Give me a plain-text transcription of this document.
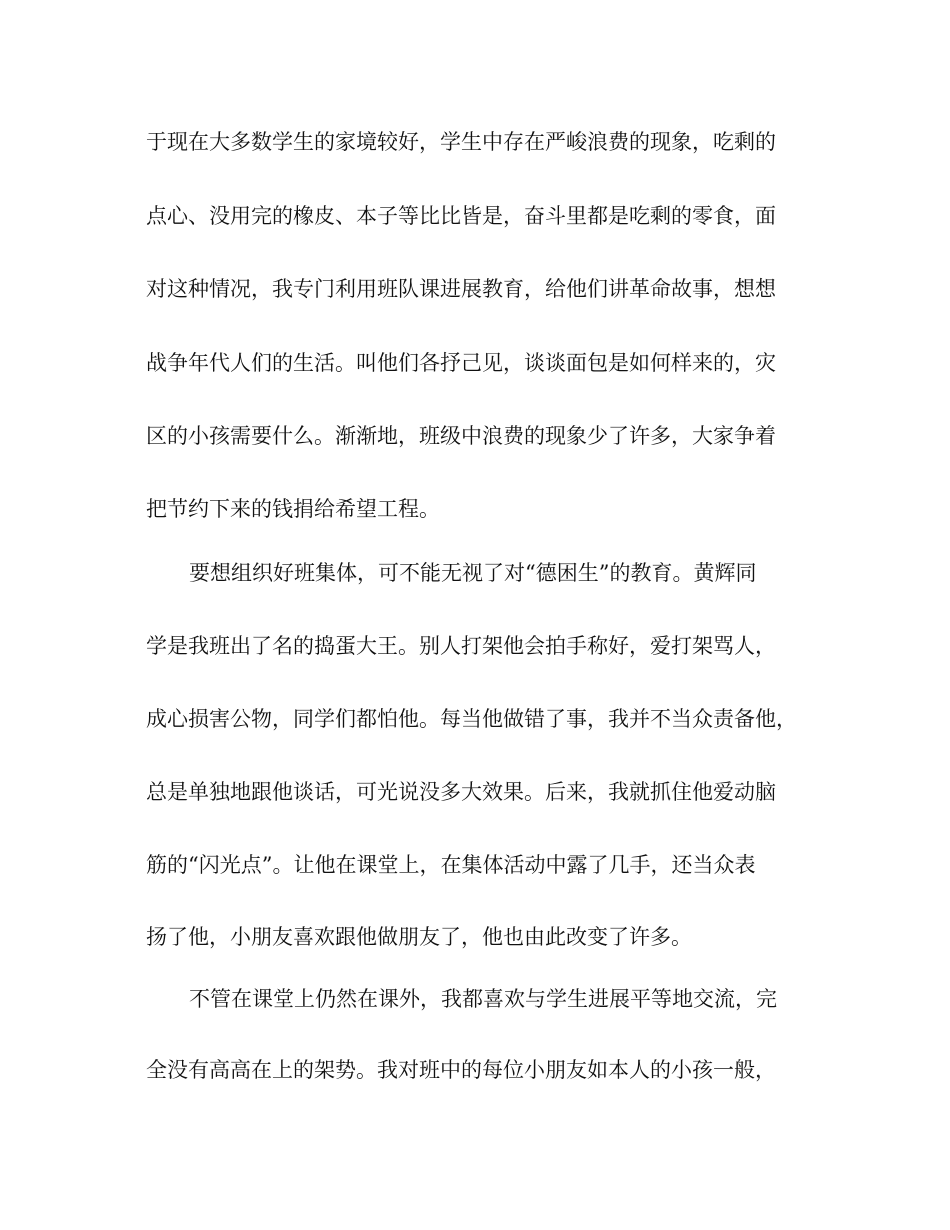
于现在大多数学生的家境较好，学生中存在严峻浪费的现象，吃剩的
点心、没用完的橡皮、本子等比比皆是，奋斗里都是吃剩的零食，面
对这种情况，我专门利用班队课进展教育，给他们讲革命故事，想想
战争年代人们的生活。叫他们各抒己见，谈谈面包是如何样来的，灾
区的小孩需要什么。渐渐地，班级中浪费的现象少了许多，大家争着
把节约下来的钱捐给希望工程。
要想组织好班集体，可不能无视了对“德困生”的教育。黄辉同
学是我班出了名的捣蛋大王。别人打架他会拍手称好，爱打架骂人，
成心损害公物，同学们都怕他。每当他做错了事，我并不当众责备他，
总是单独地跟他谈话，可光说没多大效果。后来，我就抓住他爱动脑
筋的“闪光点”。让他在课堂上，在集体活动中露了几手，还当众表
扬了他，小朋友喜欢跟他做朋友了，他也由此改变了许多。
不管在课堂上仍然在课外，我都喜欢与学生进展平等地交流，完
全没有高高在上的架势。我对班中的每位小朋友如本人的小孩一般，
